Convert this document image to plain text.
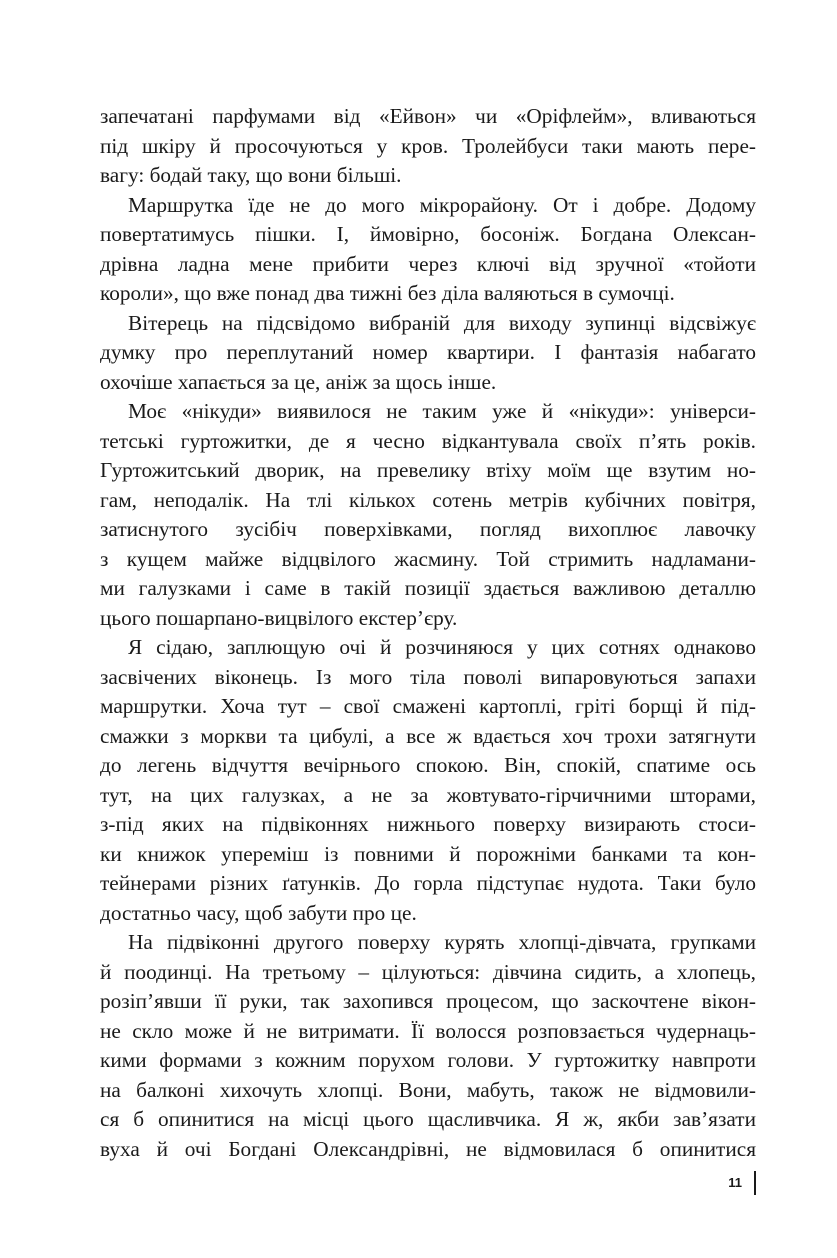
запечатані парфумами від «Ейвон» чи «Оріфлейм», вливаються
під шкіру й просочуються у кров. Тролейбуси таки мають пере-
вагу: бодай таку, що вони більші.
Маршрутка їде не до мого мікрорайону. От і добре. Додому
повертатимусь пішки. І, ймовірно, босоніж. Богдана Олексан-
дрівна ладна мене прибити через ключі від зручної «тойоти
короли», що вже понад два тижні без діла валяються в сумочці.
Вітерець на підсвідомо вибраній для виходу зупинці відсвіжує
думку про переплутаний номер квартири. І фантазія набагато
охочіше хапається за це, аніж за щось інше.
Моє «нікуди» виявилося не таким уже й «нікуди»: універси-
тетські гуртожитки, де я чесно відкантувала своїх п’ять років.
Гуртожитський дворик, на превелику втіху моїм ще взутим но-
гам, неподалік. На тлі кількох сотень метрів кубічних повітря,
затиснутого зусібіч поверхівками, погляд вихоплює лавочку
з кущем майже відцвілого жасмину. Той стримить надламани-
ми галузками і саме в такій позиції здається важливою деталлю
цього пошарпано-вицвілого екстер’єру.
Я сідаю, заплющую очі й розчиняюся у цих сотнях однаково
засвічених віконець. Із мого тіла поволі випаровуються запахи
маршрутки. Хоча тут – свої смажені картоплі, гріті борщі й під-
смажки з моркви та цибулі, а все ж вдається хоч трохи затягнути
до легень відчуття вечірнього спокою. Він, спокій, спатиме ось
тут, на цих галузках, а не за жовтувато-гірчичними шторами,
з-під яких на підвіконнях нижнього поверху визирають стоси-
ки книжок упереміш із повними й порожніми банками та кон-
тейнерами різних ґатунків. До горла підступає нудота. Таки було
достатньо часу, щоб забути про це.
На підвіконні другого поверху курять хлопці-дівчата, групками
й поодинці. На третьому – цілуються: дівчина сидить, а хлопець,
розіп’явши її руки, так захопився процесом, що заскочтене вікон-
не скло може й не витримати. Її волосся розповзається чудернаць-
кими формами з кожним порухом голови. У гуртожитку навпроти
на балконі хихочуть хлопці. Вони, мабуть, також не відмовили-
ся б опинитися на місці цього щасливчика. Я ж, якби зав’язати
вуха й очі Богдані Олександрівні, не відмовилася б опинитися
11
